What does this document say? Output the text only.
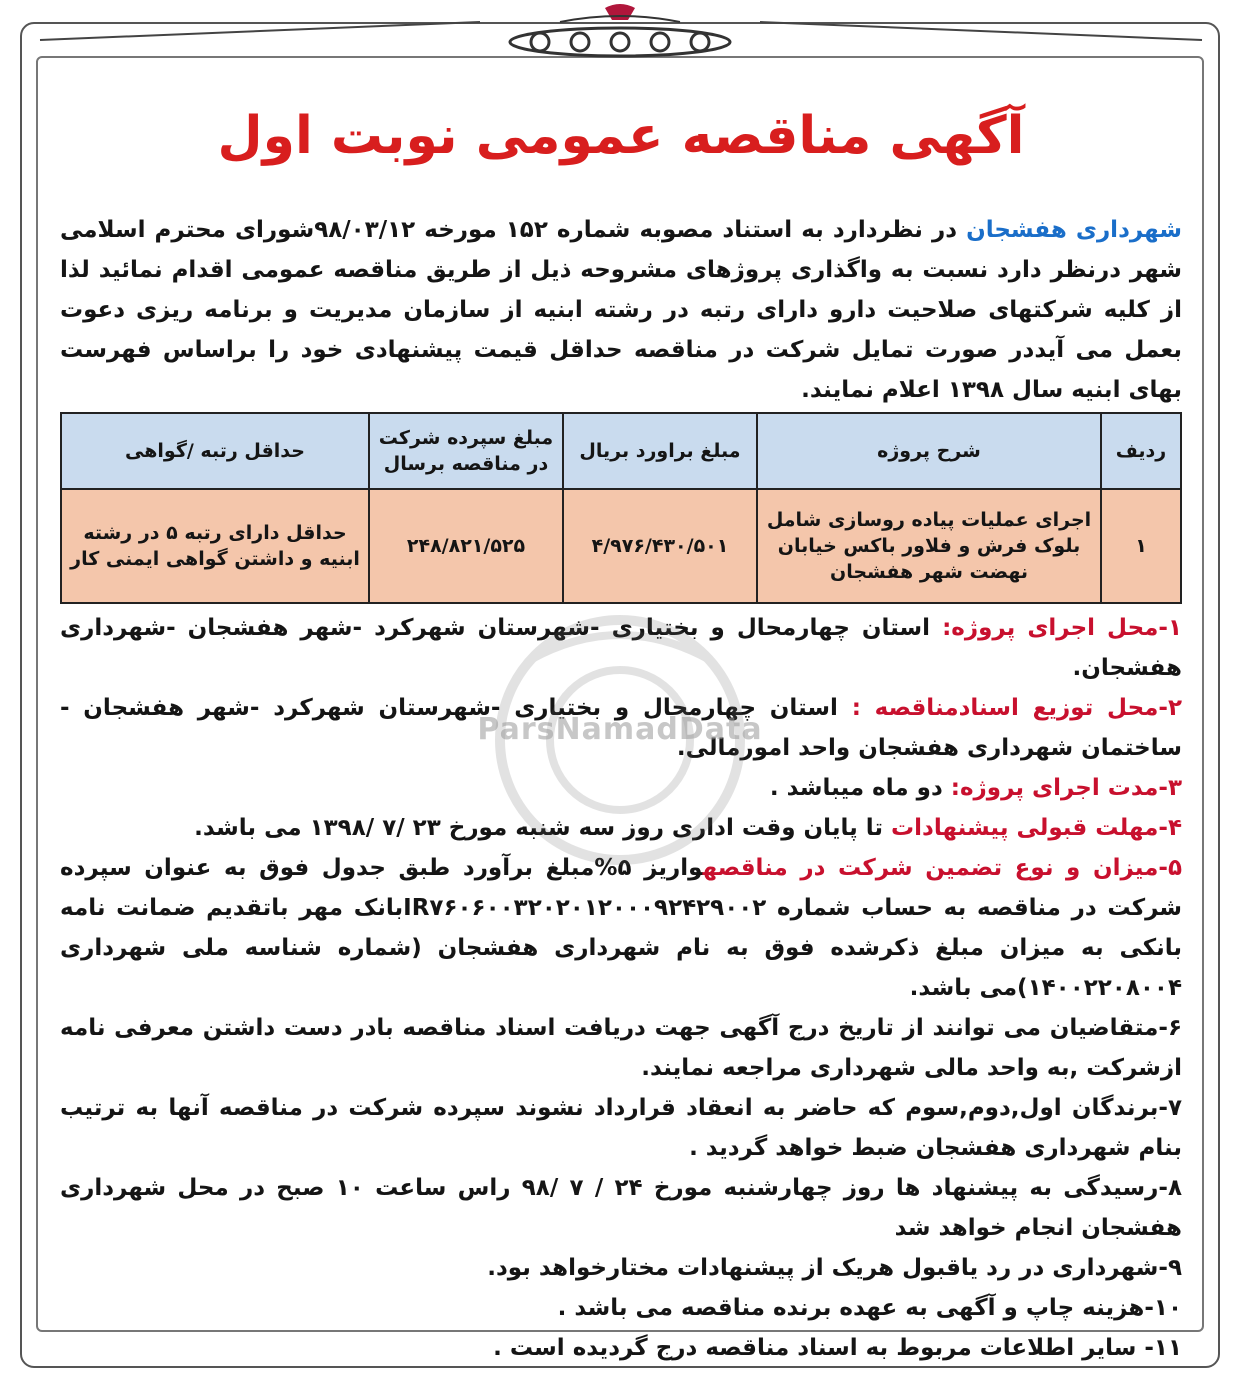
آگهی مناقصه عمومی نوبت اول

شهرداری هفشجان در نظردارد به استناد مصوبه شماره ۱۵۲ مورخه ۹۸/۰۳/۱۲شورای محترم اسلامی شهر درنظر دارد نسبت به واگذاری پروژهای مشروحه ذیل از طریق مناقصه عمومی اقدام نمائید لذا از کلیه شرکتهای صلاحیت دارو دارای رتبه در رشته ابنیه از سازمان مدیریت و برنامه ریزی دعوت بعمل می آیددر صورت تمایل شرکت در مناقصه حداقل قیمت پیشنهادی خود را براساس فهرست بهای ابنیه سال ۱۳۹۸ اعلام نمایند.

ردیف	شرح پروژه	مبلغ براورد بریال	مبلغ سپرده شرکت در مناقصه برسال	حداقل رتبه /گواهی
۱	اجرای عملیات پیاده روسازی شامل بلوک فرش و فلاور باکس خیابان نهضت شهر هفشجان	۴/۹۷۶/۴۳۰/۵۰۱	۲۴۸/۸۲۱/۵۲۵	حداقل دارای رتبه ۵ در رشته ابنیه و داشتن گواهی ایمنی کار

۱-محل اجرای پروژه: استان چهارمحال و بختیاری -شهرستان شهرکرد -شهر هفشجان -شهرداری هفشجان.

۲-محل توزیع اسنادمناقصه : استان چهارمحال و بختیاری -شهرستان شهرکرد -شهر هفشجان - ساختمان شهرداری هفشجان واحد امورمالی.

۳-مدت اجرای پروژه: دو ماه میباشد .

۴-مهلت قبولی پیشنهادات تا پایان وقت اداری روز سه شنبه مورخ ۲۳ /۷ /۱۳۹۸ می باشد.

۵-میزان و نوع تضمین شرکت در مناقصهواریز ۵%مبلغ برآورد طبق جدول فوق به عنوان سپرده شرکت در مناقصه به حساب شماره IR۷۶۰۶۰۰۳۲۰۲۰۱۲۰۰۰۹۲۴۲۹۰۰۲بانک مهر باتقدیم ضمانت نامه بانکی به میزان مبلغ ذکرشده فوق به نام شهرداری هفشجان (شماره شناسه ملی شهرداری ۱۴۰۰۲۲۰۸۰۰۴)می باشد.

۶-متقاضیان می توانند از تاریخ درج آگهی جهت دریافت اسناد مناقصه بادر دست داشتن معرفی نامه ازشرکت ,به واحد مالی شهرداری مراجعه نمایند.

۷-برندگان اول,دوم,سوم که حاضر به انعقاد قرارداد نشوند سپرده شرکت در مناقصه آنها به ترتیب بنام شهرداری هفشجان ضبط خواهد گردید .

۸-رسیدگی به پیشنهاد ها روز چهارشنبه مورخ ۲۴ / ۷ /۹۸ راس ساعت ۱۰ صبح در محل شهرداری هفشجان انجام خواهد شد

۹-شهرداری در رد یاقبول هریک از پیشنهادات مختارخواهد بود.

۱۰-هزینه چاپ و آگهی به عهده برنده مناقصه می باشد .

۱۱- سایر اطلاعات مربوط به اسناد مناقصه درج گردیده است .

ParsNamadData
